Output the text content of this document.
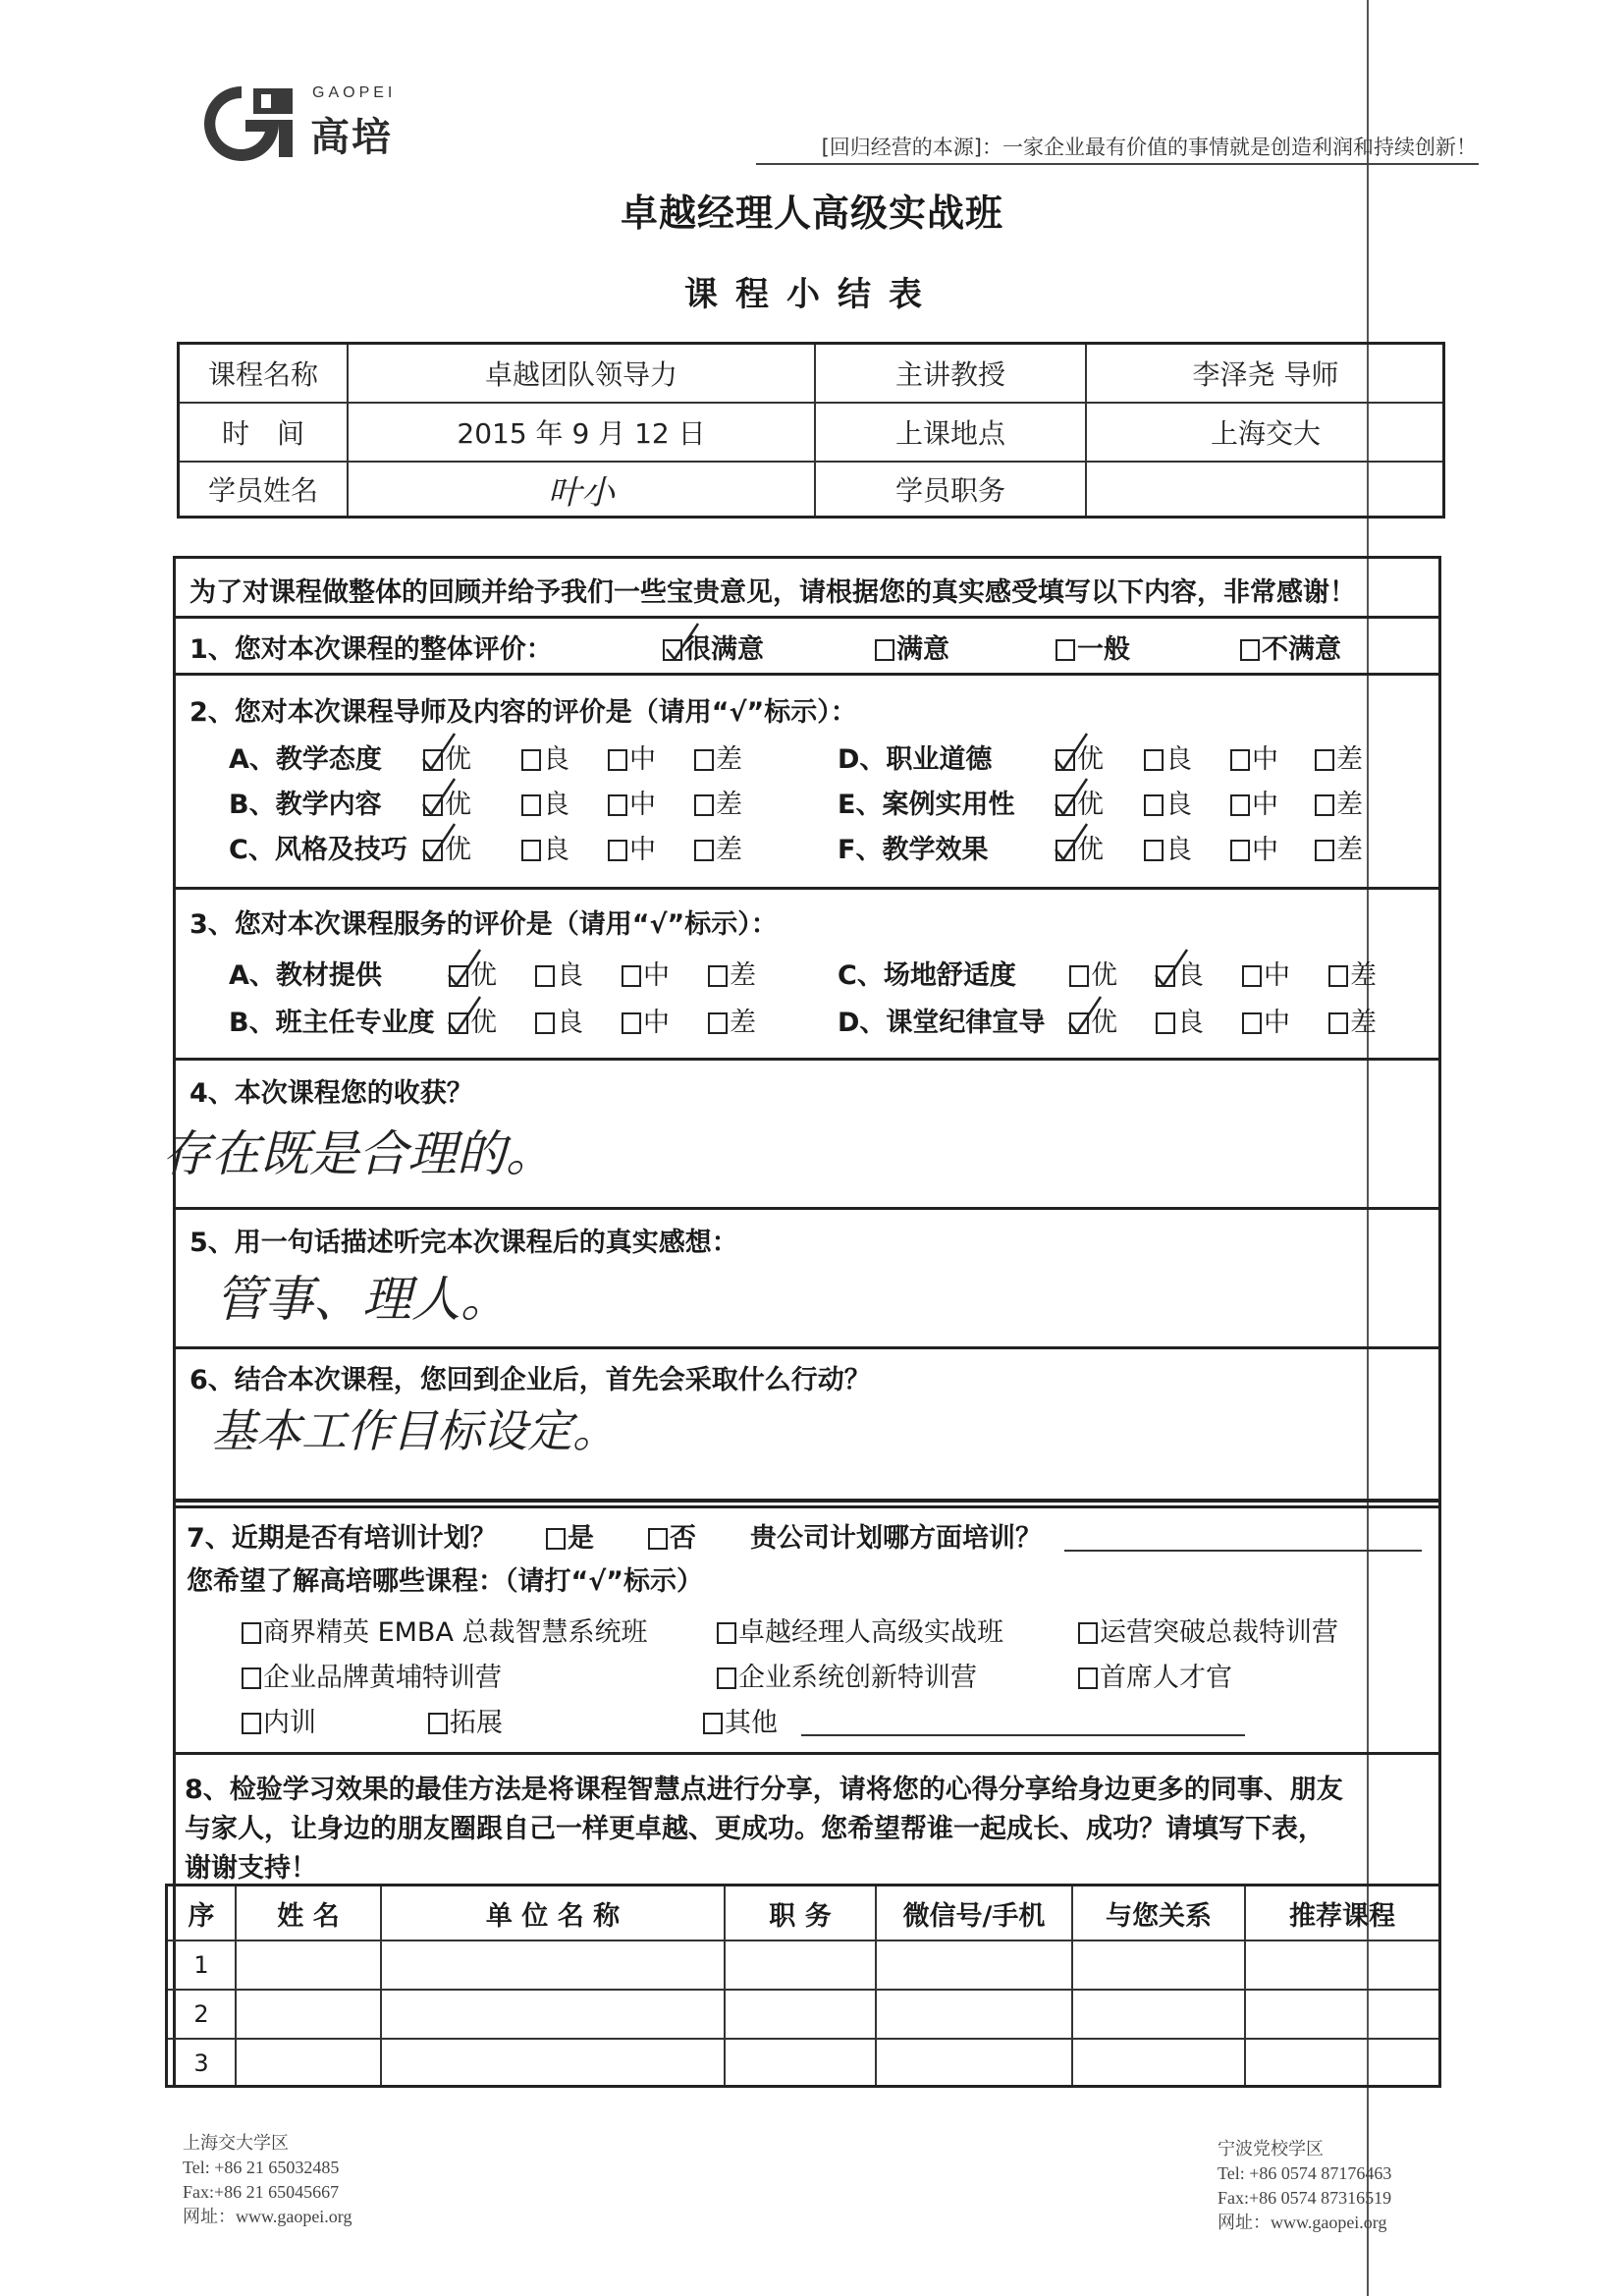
GAOPEI
高培	[回归经营的本源]：一家企业最有价值的事情就是创造利润和持续创新！
卓越经理人高级实战班
课程小结表
课程名称	卓越团队领导力	主讲教授	李泽尧 导师
时　间	2015 年 9 月 12 日	上课地点	上海交大
学员姓名	叶小	学员职务
为了对课程做整体的回顾并给予我们一些宝贵意见，请根据您的真实感受填写以下内容，非常感谢！
1、您对本次课程的整体评价：	很满意	满意	一般	不满意
2、您对本次课程导师及内容的评价是（请用“√”标示）：
A、教学态度	优	良	中	差
B、教学内容	优	良	中	差
C、风格及技巧	优	良	中	差
D、职业道德	优	良	中	差
E、案例实用性	优	良	中	差
F、教学效果	优	良	中	差
3、您对本次课程服务的评价是（请用“√”标示）：
A、教材提供	优	良	中	差
B、班主任专业度	优	良	中	差
C、场地舒适度	优	良	中	差
D、课堂纪律宣导	优	良	中	差
4、本次课程您的收获？
存在既是合理的。
5、用一句话描述听完本次课程后的真实感想：
管事、理人。
6、结合本次课程，您回到企业后，首先会采取什么行动？
基本工作目标设定。
7、近期是否有培训计划？	是	否 贵公司计划哪方面培训？
您希望了解高培哪些课程：（请打“√”标示）
商界精英 EMBA 总裁智慧系统班	卓越经理人高级实战班	运营突破总裁特训营
企业品牌黄埔特训营	企业系统创新特训营	首席人才官
内训	拓展	其他
8、检验学习效果的最佳方法是将课程智慧点进行分享，请将您的心得分享给身边更多的同事、朋友
与家人，让身边的朋友圈跟自己一样更卓越、更成功。您希望帮谁一起成长、成功？请填写下表，
谢谢支持！
序	姓 名	单 位 名 称	职 务	微信号/手机	与您关系	推荐课程
1
2
3
上海交大学区
Tel: +86 21 65032485
Fax:+86 21 65045667
网址：www.gaopei.org
宁波党校学区
Tel: +86 0574 87176463
Fax:+86 0574 87316519
网址：www.gaopei.org
